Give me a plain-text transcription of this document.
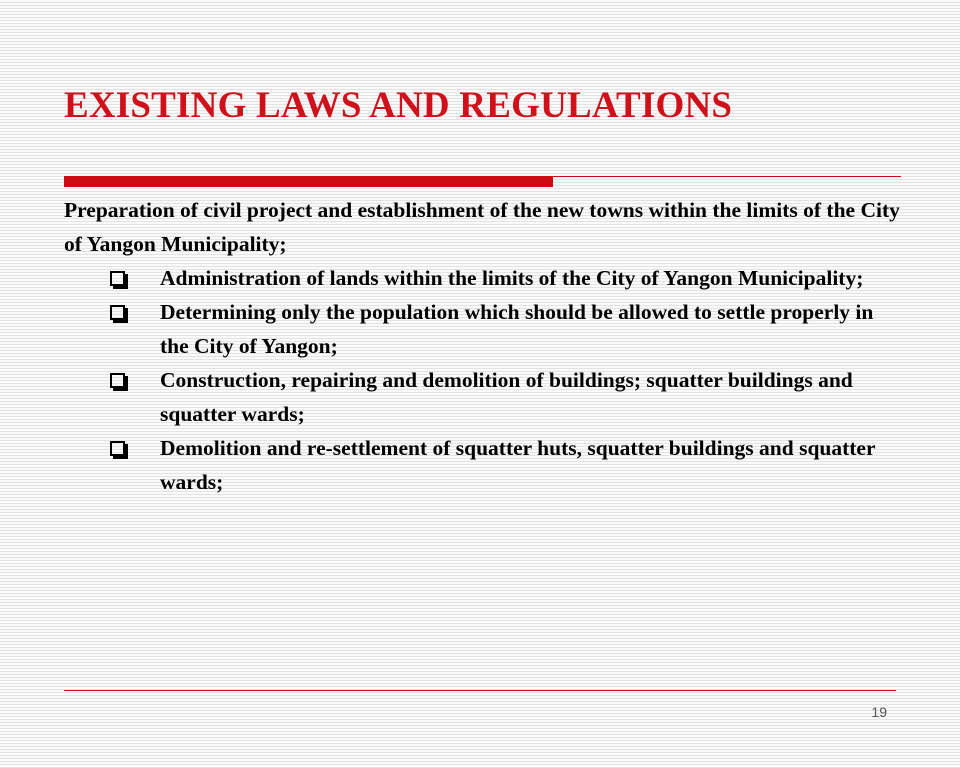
EXISTING LAWS AND REGULATIONS

Preparation of civil project and establishment of the new towns within the limits of the City of Yangon Municipality;

Administration of lands within the limits of the City of Yangon Municipality;
Determining only the population which should be allowed to settle properly in the City of Yangon;
Construction, repairing and demolition of buildings; squatter buildings and squatter wards;
Demolition and re-settlement of squatter huts, squatter buildings and squatter wards;
19
